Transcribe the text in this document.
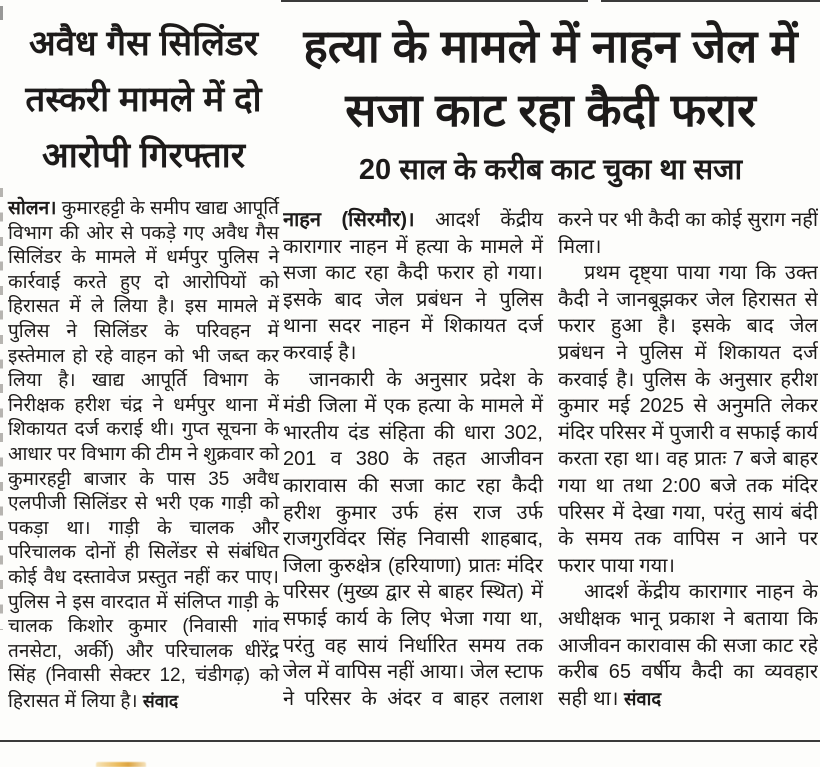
अवैध गैस सिलिंडर तस्करी मामले में दो आरोपी गिरफ्तार

सोलन। कुमारहट्टी के समीप खाद्य आपूर्ति विभाग की ओर से पकड़े गए अवैध गैस सिलिंडर के मामले में धर्मपुर पुलिस ने कार्रवाई करते हुए दो आरोपियों को हिरासत में ले लिया है। इस मामले में पुलिस ने सिलिंडर के परिवहन में इस्तेमाल हो रहे वाहन को भी जब्त कर लिया है। खाद्य आपूर्ति विभाग के निरीक्षक हरीश चंद्र ने धर्मपुर थाना में शिकायत दर्ज कराई थी। गुप्त सूचना के आधार पर विभाग की टीम ने शुक्रवार को कुमारहट्टी बाजार के पास 35 अवैध एलपीजी सिलिंडर से भरी एक गाड़ी को पकड़ा था। गाड़ी के चालक और परिचालक दोनों ही सिलेंडर से संबंधित कोई वैध दस्तावेज प्रस्तुत नहीं कर पाए। पुलिस ने इस वारदात में संलिप्त गाड़ी के चालक किशोर कुमार (निवासी गांव तनसेटा, अर्की) और परिचालक धीरेंद्र सिंह (निवासी सेक्टर 12, चंडीगढ़) को हिरासत में लिया है। संवाद

हत्या के मामले में नाहन जेल में सजा काट रहा कैदी फरार
20 साल के करीब काट चुका था सजा

नाहन (सिरमौर)। आदर्श केंद्रीय कारागार नाहन में हत्या के मामले में सजा काट रहा कैदी फरार हो गया। इसके बाद जेल प्रबंधन ने पुलिस थाना सदर नाहन में शिकायत दर्ज करवाई है।

जानकारी के अनुसार प्रदेश के मंडी जिला में एक हत्या के मामले में भारतीय दंड संहिता की धारा 302, 201 व 380 के तहत आजीवन कारावास की सजा काट रहा कैदी हरीश कुमार उर्फ हंस राज उर्फ राजगुरविंदर सिंह निवासी शाहबाद, जिला कुरुक्षेत्र (हरियाणा) प्रातः मंदिर परिसर (मुख्य द्वार से बाहर स्थित) में सफाई कार्य के लिए भेजा गया था, परंतु वह सायं निर्धारित समय तक जेल में वापिस नहीं आया। जेल स्टाफ ने परिसर के अंदर व बाहर तलाश करने पर भी कैदी का कोई सुराग नहीं मिला।

प्रथम दृष्ट्या पाया गया कि उक्त कैदी ने जानबूझकर जेल हिरासत से फरार हुआ है। इसके बाद जेल प्रबंधन ने पुलिस में शिकायत दर्ज करवाई है। पुलिस के अनुसार हरीश कुमार मई 2025 से अनुमति लेकर मंदिर परिसर में पुजारी व सफाई कार्य करता रहा था। वह प्रातः 7 बजे बाहर गया था तथा 2:00 बजे तक मंदिर परिसर में देखा गया, परंतु सायं बंदी के समय तक वापिस न आने पर फरार पाया गया।

आदर्श केंद्रीय कारागार नाहन के अधीक्षक भानू प्रकाश ने बताया कि आजीवन कारावास की सजा काट रहे करीब 65 वर्षीय कैदी का व्यवहार सही था। संवाद
